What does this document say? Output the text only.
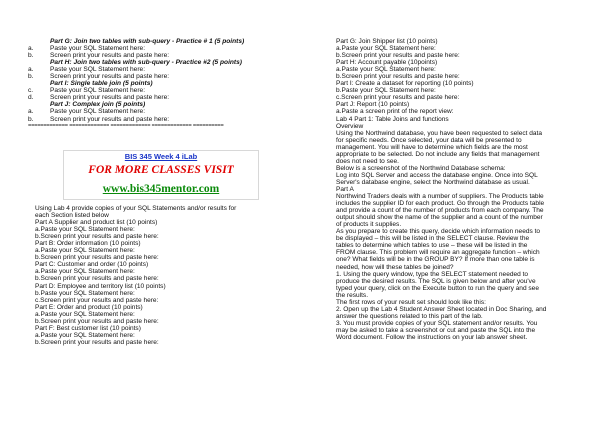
Part G: Join two tables with sub-query - Practice # 1 (5 points)
a.	Paste your SQL Statement here:
b.	Screen print your results and paste here:
Part H: Join two tables with sub-query - Practice #2 (5 points)
a.	Paste your SQL Statement here:
b.	Screen print your results and paste here:
Part I: Single table join (5 points)
c.	Paste your SQL Statement here:
d.	Screen print your results and paste here:
Part J: Complex join (5 points)
a.	Paste your SQL Statement here:
b.	Screen print your results and paste here:
============= ============= ============= ============= ==========
BIS 345 Week 4 iLab
FOR MORE CLASSES VISIT
www.bis345mentor.com
Using Lab 4 provide copies of your SQL Statements and/or results for
each Section listed below
Part A Supplier and product list (10 points)
a.Paste your SQL Statement here:
b.Screen print your results and paste here:
Part B: Order information (10 points)
a.Paste your SQL Statement here:
b.Screen print your results and paste here:
Part C: Customer and order (10 points)
a.Paste your SQL Statement here:
b.Screen print your results and paste here:
Part D: Employee and territory list (10 points)
b.Paste your SQL Statement here:
c.Screen print your results and paste here:
Part E: Order and product (10 points)
a.Paste your SQL Statement here:
b.Screen print your results and paste here:
Part F: Best customer list (10 points)
a.Paste your SQL Statement here:
b.Screen print your results and paste here:
Part G: Join Shipper list (10 points)
a.Paste your SQL Statement here:
b.Screen print your results and paste here:
Part H: Account payable (10points)
a.Paste your SQL Statement here:
b.Screen print your results and paste here:
Part I: Create a dataset for reporting (10 points)
b.Paste your SQL Statement here:
c.Screen print your results and paste here:
Part J: Report (10 points)
a.Paste a screen print of the report view:
Lab 4 Part 1: Table Joins and functions
Overview
Using the Northwind database, you have been requested to select data
for specific needs. Once selected, your data will be presented to
management. You will have to determine which fields are the most
appropriate to be selected. Do not include any fields that management
does not need to see.
Below is a screenshot of the Northwind Database schema:
Log into SQL Server and access the database engine. Once into SQL
Server's database engine, select the Northwind database as usual.
Part A
Northwind Traders deals with a number of suppliers. The Products table
includes the supplier ID for each product. Go through the Products table
and provide a count of the number of products from each company. The
output should show the name of the supplier and a count of the number
of products it supplies.
As you prepare to create this query, decide which information needs to
be displayed – this will be listed in the SELECT clause. Review the
tables to determine which tables to use – these will be listed in the
FROM clause. This problem will require an aggregate function – which
one? What fields will be in the GROUP BY? If more than one table is
needed, how will these tables be joined?
1. Using the query window, type the SELECT statement needed to
produce the desired results. The SQL is given below and after you've
typed your query, click on the Execute button to run the query and see
the results.
The first rows of your result set should look like this:
2. Open up the Lab 4 Student Answer Sheet located in Doc Sharing, and
answer the questions related to this part of the lab.
3. You must provide copies of your SQL statement and/or results. You
may be asked to take a screenshot or cut and paste the SQL into the
Word document. Follow the instructions on your lab answer sheet.
